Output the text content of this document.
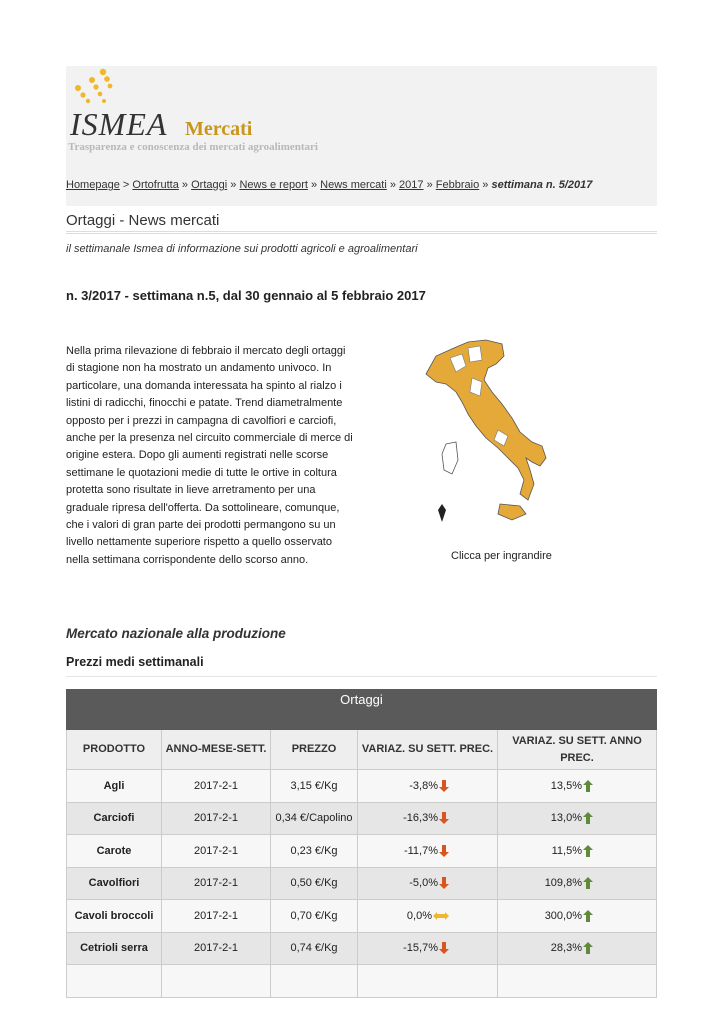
ISMEA Mercati
Trasparenza e conoscenza dei mercati agroalimentari
Homepage > Ortofrutta » Ortaggi » News e report » News mercati » 2017 » Febbraio » settimana n. 5/2017
Ortaggi - News mercati
il settimanale Ismea di informazione sui prodotti agricoli e agroalimentari
n. 3/2017 - settimana n.5, dal 30 gennaio al 5 febbraio 2017
Nella prima rilevazione di febbraio il mercato degli ortaggi di stagione non ha mostrato un andamento univoco. In particolare, una domanda interessata ha spinto al rialzo i listini di radicchi, finocchi e patate. Trend diametralmente opposto per i prezzi in campagna di cavolfiori e carciofi, anche per la presenza nel circuito commerciale di merce di origine estera. Dopo gli aumenti registrati nelle scorse settimane le quotazioni medie di tutte le ortive in coltura protetta sono risultate in lieve arretramento per una graduale ripresa dell'offerta. Da sottolineare, comunque, che i valori di gran parte dei prodotti permangono su un livello nettamente superiore rispetto a quello osservato nella settimana corrispondente dello scorso anno.	Clicca per ingrandire
Mercato nazionale alla produzione
Prezzi medi settimanali
Ortaggi				
PRODOTTO	ANNO-MESE-SETT.	PREZZO	VARIAZ. SU SETT. PREC.	VARIAZ. SU SETT. ANNO PREC.
Agli	2017-2-1	3,15 €/Kg	-3,8%	13,5%
Carciofi	2017-2-1	0,34 €/Capolino	-16,3%	13,0%
Carote	2017-2-1	0,23 €/Kg	-11,7%	11,5%
Cavolfiori	2017-2-1	0,50 €/Kg	-5,0%	109,8%
Cavoli broccoli	2017-2-1	0,70 €/Kg	0,0%	300,0%
Cetrioli serra	2017-2-1	0,74 €/Kg	-15,7%	28,3%
